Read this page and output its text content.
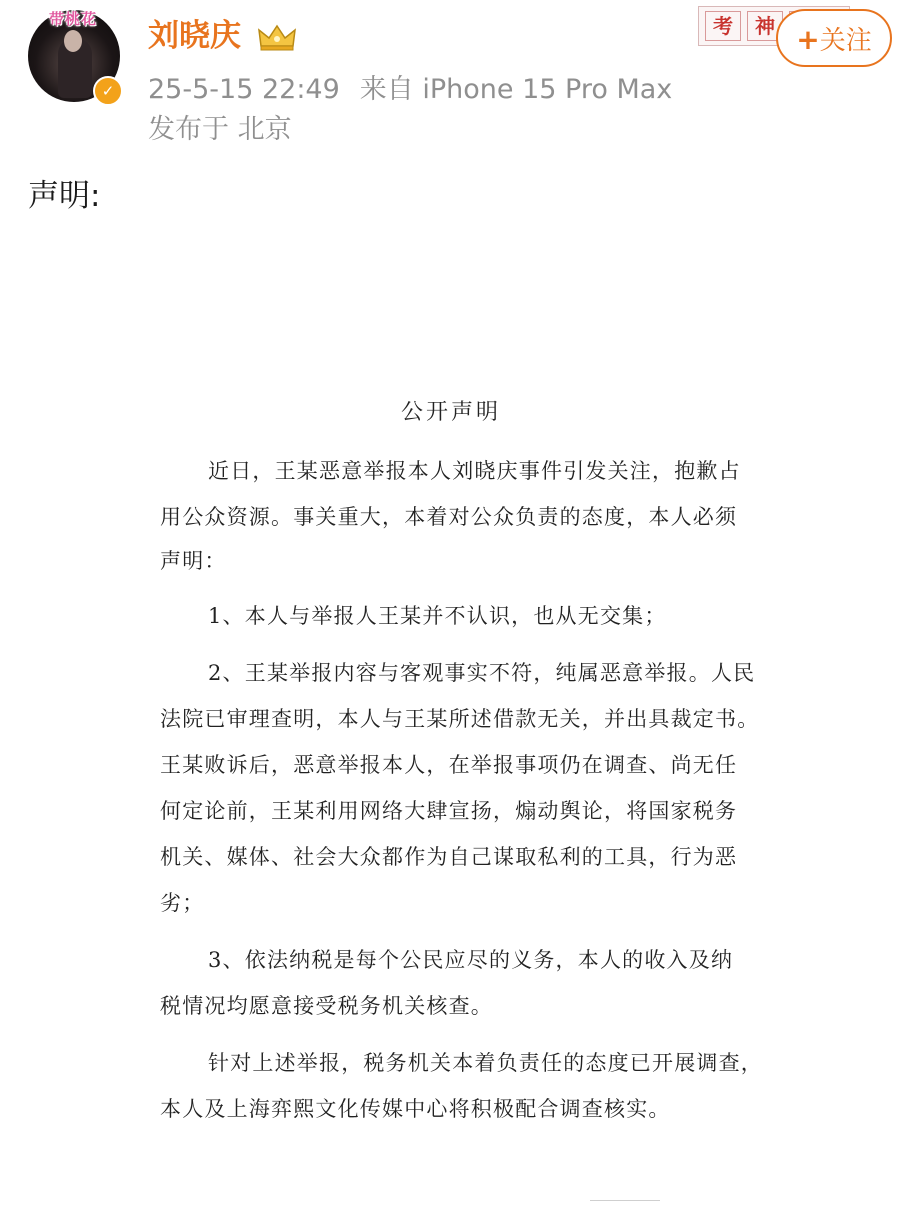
带桃花
✓
刘晓庆
25-5-15 22:49 来自 iPhone 15 Pro Max
发布于 北京
考	神 +关注
声明:
公开声明
近日，王某恶意举报本人刘晓庆事件引发关注，抱歉占
用公众资源。事关重大，本着对公众负责的态度，本人必须
声明：
1、本人与举报人王某并不认识，也从无交集；
2、王某举报内容与客观事实不符，纯属恶意举报。人民
法院已审理查明，本人与王某所述借款无关，并出具裁定书。
王某败诉后，恶意举报本人，在举报事项仍在调查、尚无任
何定论前，王某利用网络大肆宣扬，煽动舆论，将国家税务
机关、媒体、社会大众都作为自己谋取私利的工具，行为恶
劣；
3、依法纳税是每个公民应尽的义务，本人的收入及纳
税情况均愿意接受税务机关核查。
针对上述举报，税务机关本着负责任的态度已开展调查，
本人及上海弈熙文化传媒中心将积极配合调查核实。
